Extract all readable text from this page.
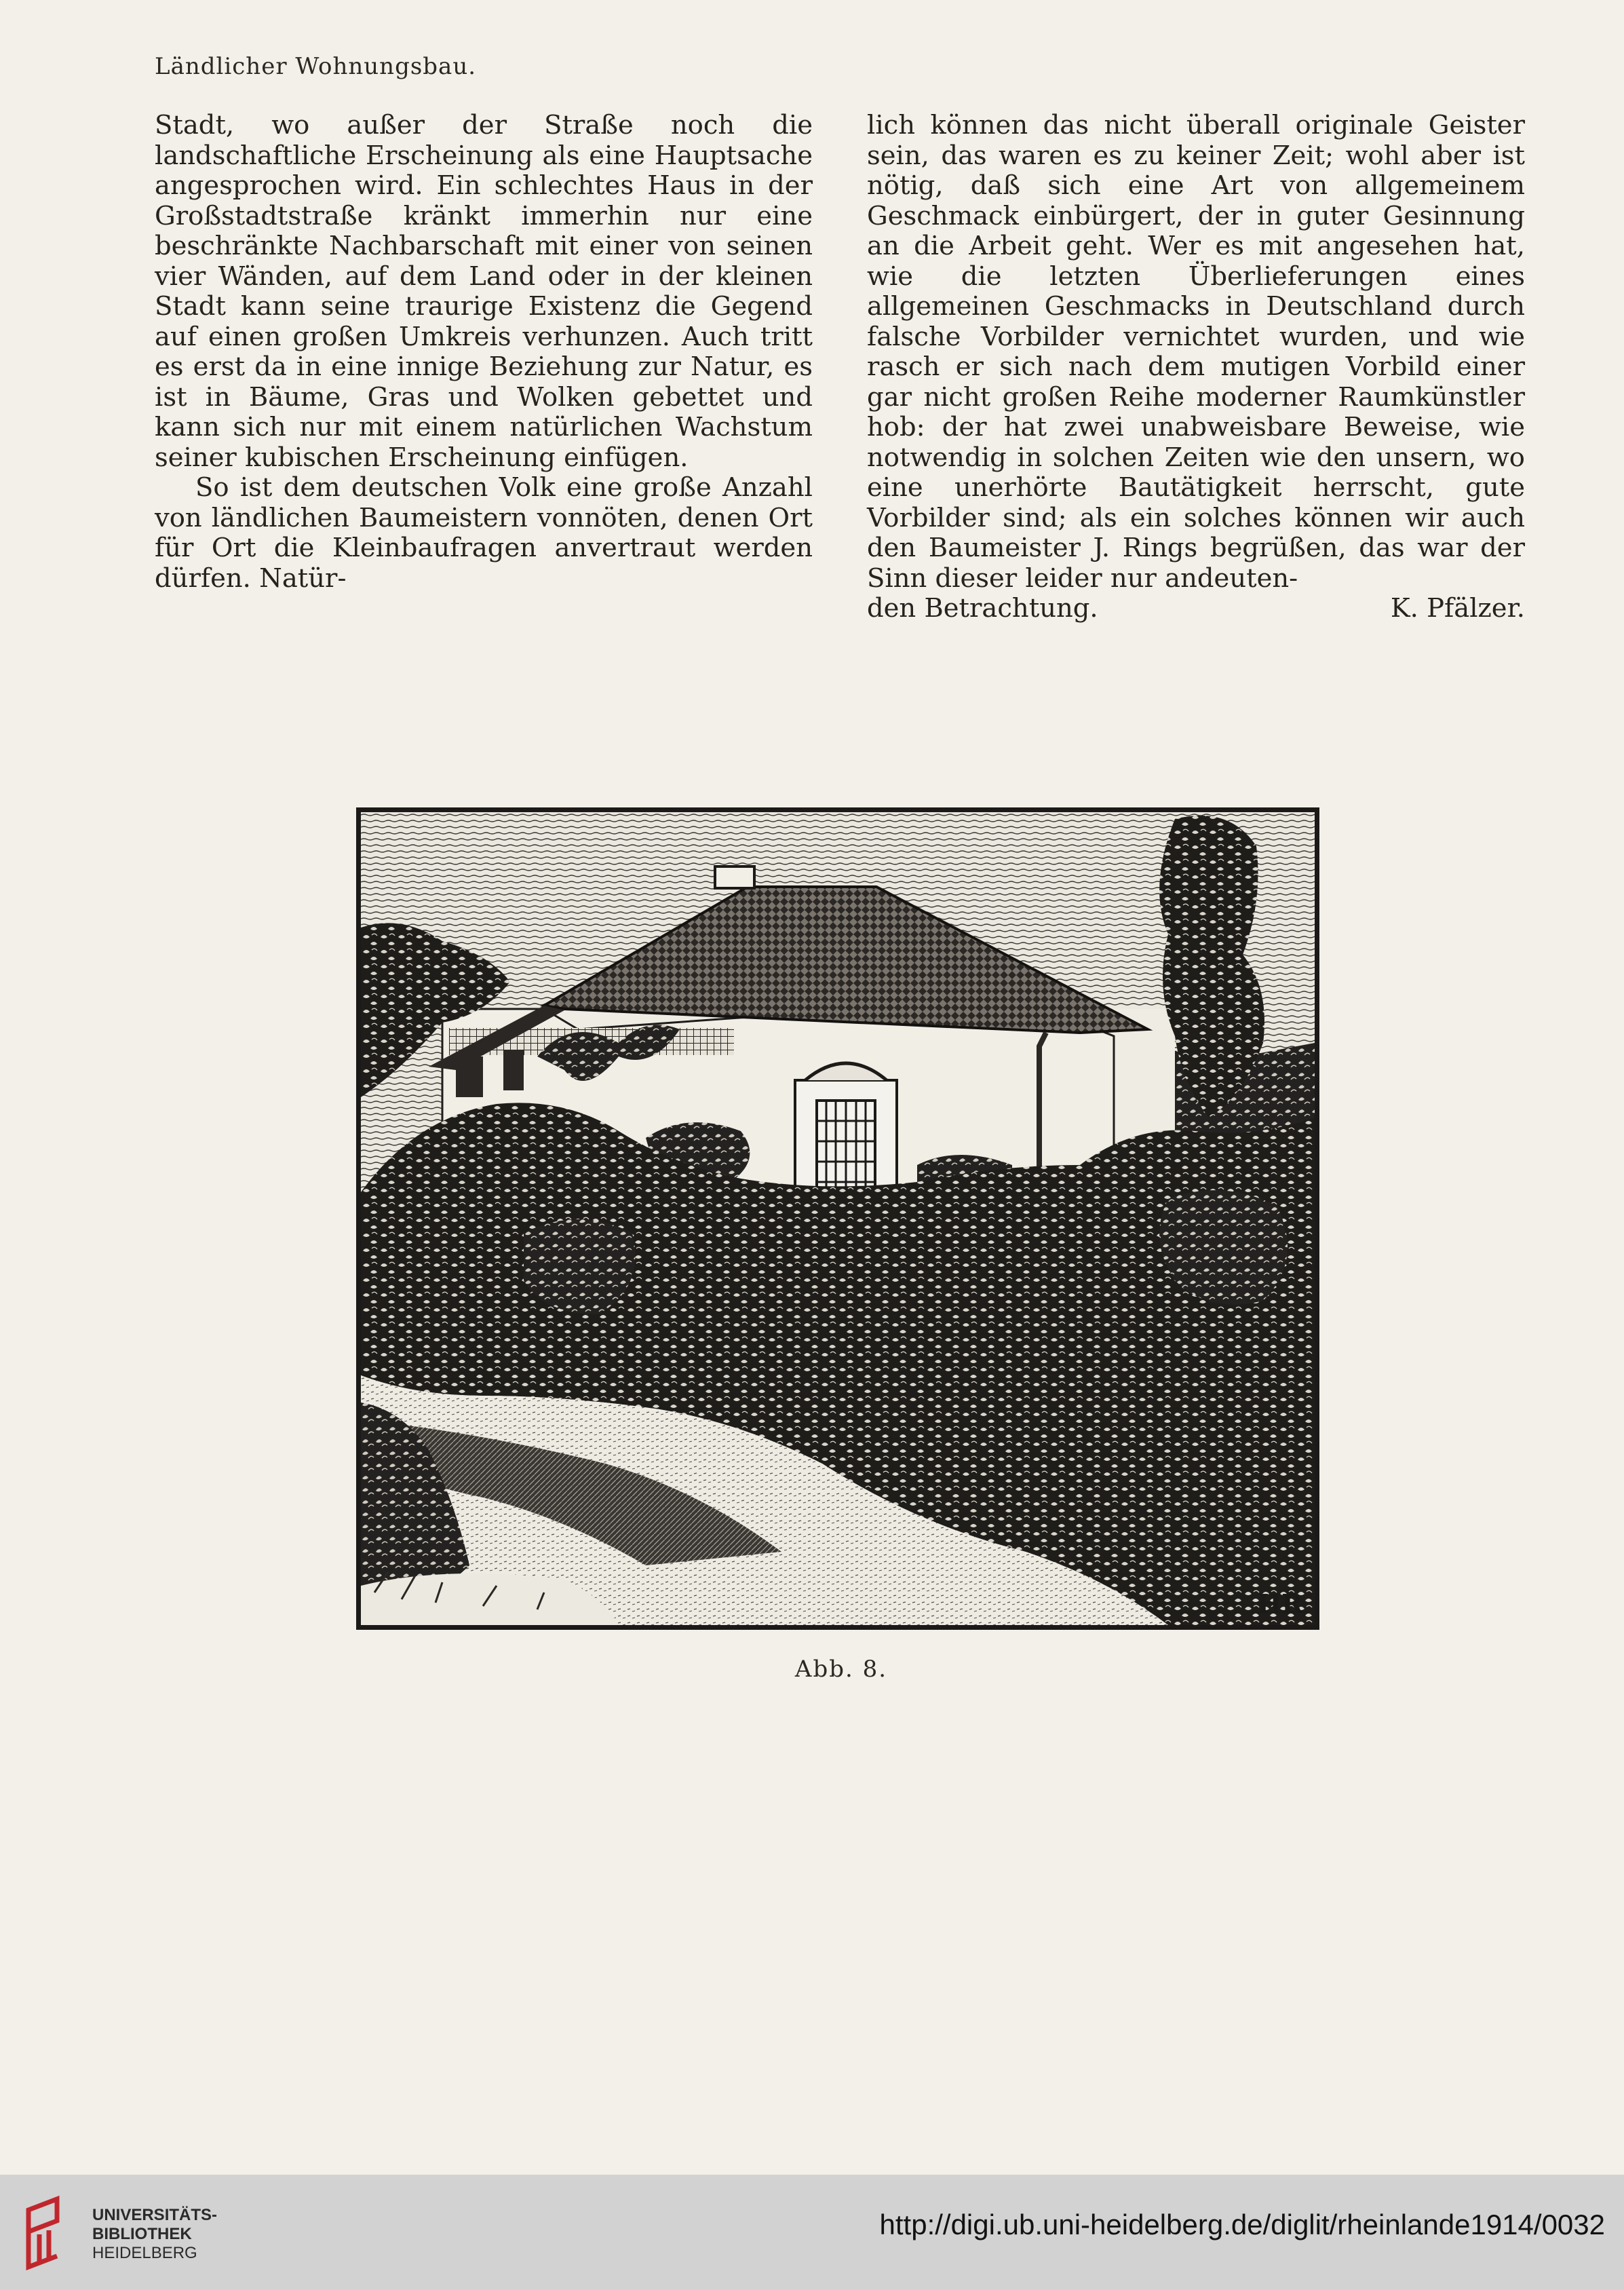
Ländlicher Wohnungsbau.

Stadt, wo außer der Straße noch die landschaftliche Erscheinung als eine Hauptsache angesprochen wird. Ein schlechtes Haus in der Großstadtstraße kränkt immerhin nur eine beschränkte Nachbarschaft mit einer von seinen vier Wänden, auf dem Land oder in der kleinen Stadt kann seine traurige Existenz die Gegend auf einen großen Umkreis verhunzen. Auch tritt es erst da in eine innige Beziehung zur Natur, es ist in Bäume, Gras und Wolken gebettet und kann sich nur mit einem natürlichen Wachstum seiner kubischen Erscheinung einfügen.

So ist dem deutschen Volk eine große Anzahl von ländlichen Baumeistern vonnöten, denen Ort für Ort die Kleinbaufragen anvertraut werden dürfen. Natür-

lich können das nicht überall originale Geister sein, das waren es zu keiner Zeit; wohl aber ist nötig, daß sich eine Art von allgemeinem Geschmack einbürgert, der in guter Gesinnung an die Arbeit geht. Wer es mit angesehen hat, wie die letzten Überlieferungen eines allgemeinen Geschmacks in Deutschland durch falsche Vorbilder vernichtet wurden, und wie rasch er sich nach dem mutigen Vorbild einer gar nicht großen Reihe moderner Raumkünstler hob: der hat zwei unabweisbare Beweise, wie notwendig in solchen Zeiten wie den unsern, wo eine unerhörte Bautätigkeit herrscht, gute Vorbilder sind; als ein solches können wir auch den Baumeister J. Rings begrüßen, das war der Sinn dieser leider nur andeuten-

den Betrachtung.	K. Pfälzer.
HR
Abb. 8.
UNIVERSITÄTS-
BIBLIOTHEK
HEIDELBERG
http://digi.ub.uni-heidelberg.de/diglit/rheinlande1914/0032
